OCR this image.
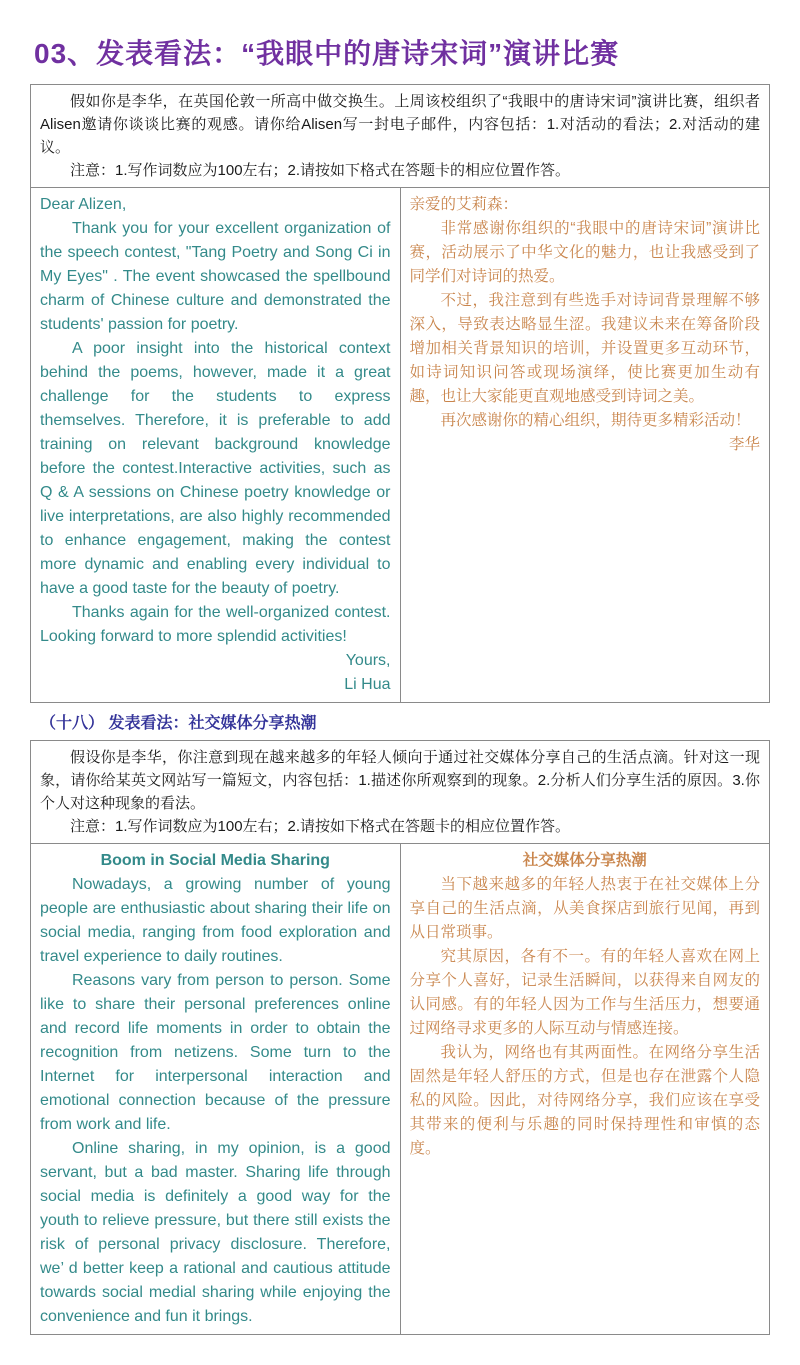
03、发表看法：“我眼中的唐诗宋词”演讲比赛

假如你是李华，在英国伦敦一所高中做交换生。上周该校组织了“我眼中的唐诗宋词”演讲比赛，组织者Alisen邀请你谈谈比赛的观感。请你给Alisen写一封电子邮件，内容包括：1.对活动的看法；2.对活动的建议。

注意：1.写作词数应为100左右；2.请按如下格式在答题卡的相应位置作答。

Dear Alizen,

Thank you for your excellent organization of the speech contest, "Tang Poetry and Song Ci in My Eyes" . The event showcased the spellbound charm of Chinese culture and demonstrated the students' passion for poetry.

A poor insight into the historical context behind the poems, however, made it a great challenge for the students to express themselves. Therefore, it is preferable to add training on relevant background knowledge before the contest.Interactive activities, such as Q & A sessions on Chinese poetry knowledge or live interpretations, are also highly recommended to enhance engagement, making the contest more dynamic and enabling every individual to have a good taste for the beauty of poetry.

Thanks again for the well-organized contest. Looking forward to more splendid activities!

Yours,

Li Hua

亲爱的艾莉森：

非常感谢你组织的“我眼中的唐诗宋词”演讲比赛，活动展示了中华文化的魅力，也让我感受到了同学们对诗词的热爱。

不过，我注意到有些选手对诗词背景理解不够深入，导致表达略显生涩。我建议未来在筹备阶段增加相关背景知识的培训，并设置更多互动环节，如诗词知识问答或现场演绎，使比赛更加生动有趣，也让大家能更直观地感受到诗词之美。

再次感谢你的精心组织，期待更多精彩活动！

李华

（十八） 发表看法：社交媒体分享热潮

假设你是李华，你注意到现在越来越多的年轻人倾向于通过社交媒体分享自己的生活点滴。针对这一现象，请你给某英文网站写一篇短文，内容包括：1.描述你所观察到的现象。2.分析人们分享生活的原因。3.你个人对这种现象的看法。

注意：1.写作词数应为100左右；2.请按如下格式在答题卡的相应位置作答。

Boom in Social Media Sharing

Nowadays, a growing number of young people are enthusiastic about sharing their life on social media, ranging from food exploration and travel experience to daily routines.

Reasons vary from person to person. Some like to share their personal preferences online and record life moments in order to obtain the recognition from netizens. Some turn to the Internet for interpersonal interaction and emotional connection because of the pressure from work and life.

Online sharing, in my opinion, is a good servant, but a bad master. Sharing life through social media is definitely a good way for the youth to relieve pressure, but there still exists the risk of personal privacy disclosure. Therefore, we’ d better keep a rational and cautious attitude towards social medial sharing while enjoying the convenience and fun it brings.

社交媒体分享热潮

当下越来越多的年轻人热衷于在社交媒体上分享自己的生活点滴，从美食探店到旅行见闻，再到从日常琐事。

究其原因，各有不一。有的年轻人喜欢在网上分享个人喜好，记录生活瞬间，以获得来自网友的认同感。有的年轻人因为工作与生活压力，想要通过网络寻求更多的人际互动与情感连接。

我认为，网络也有其两面性。在网络分享生活固然是年轻人舒压的方式，但是也存在泄露个人隐私的风险。因此，对待网络分享，我们应该在享受其带来的便利与乐趣的同时保持理性和审慎的态度。
